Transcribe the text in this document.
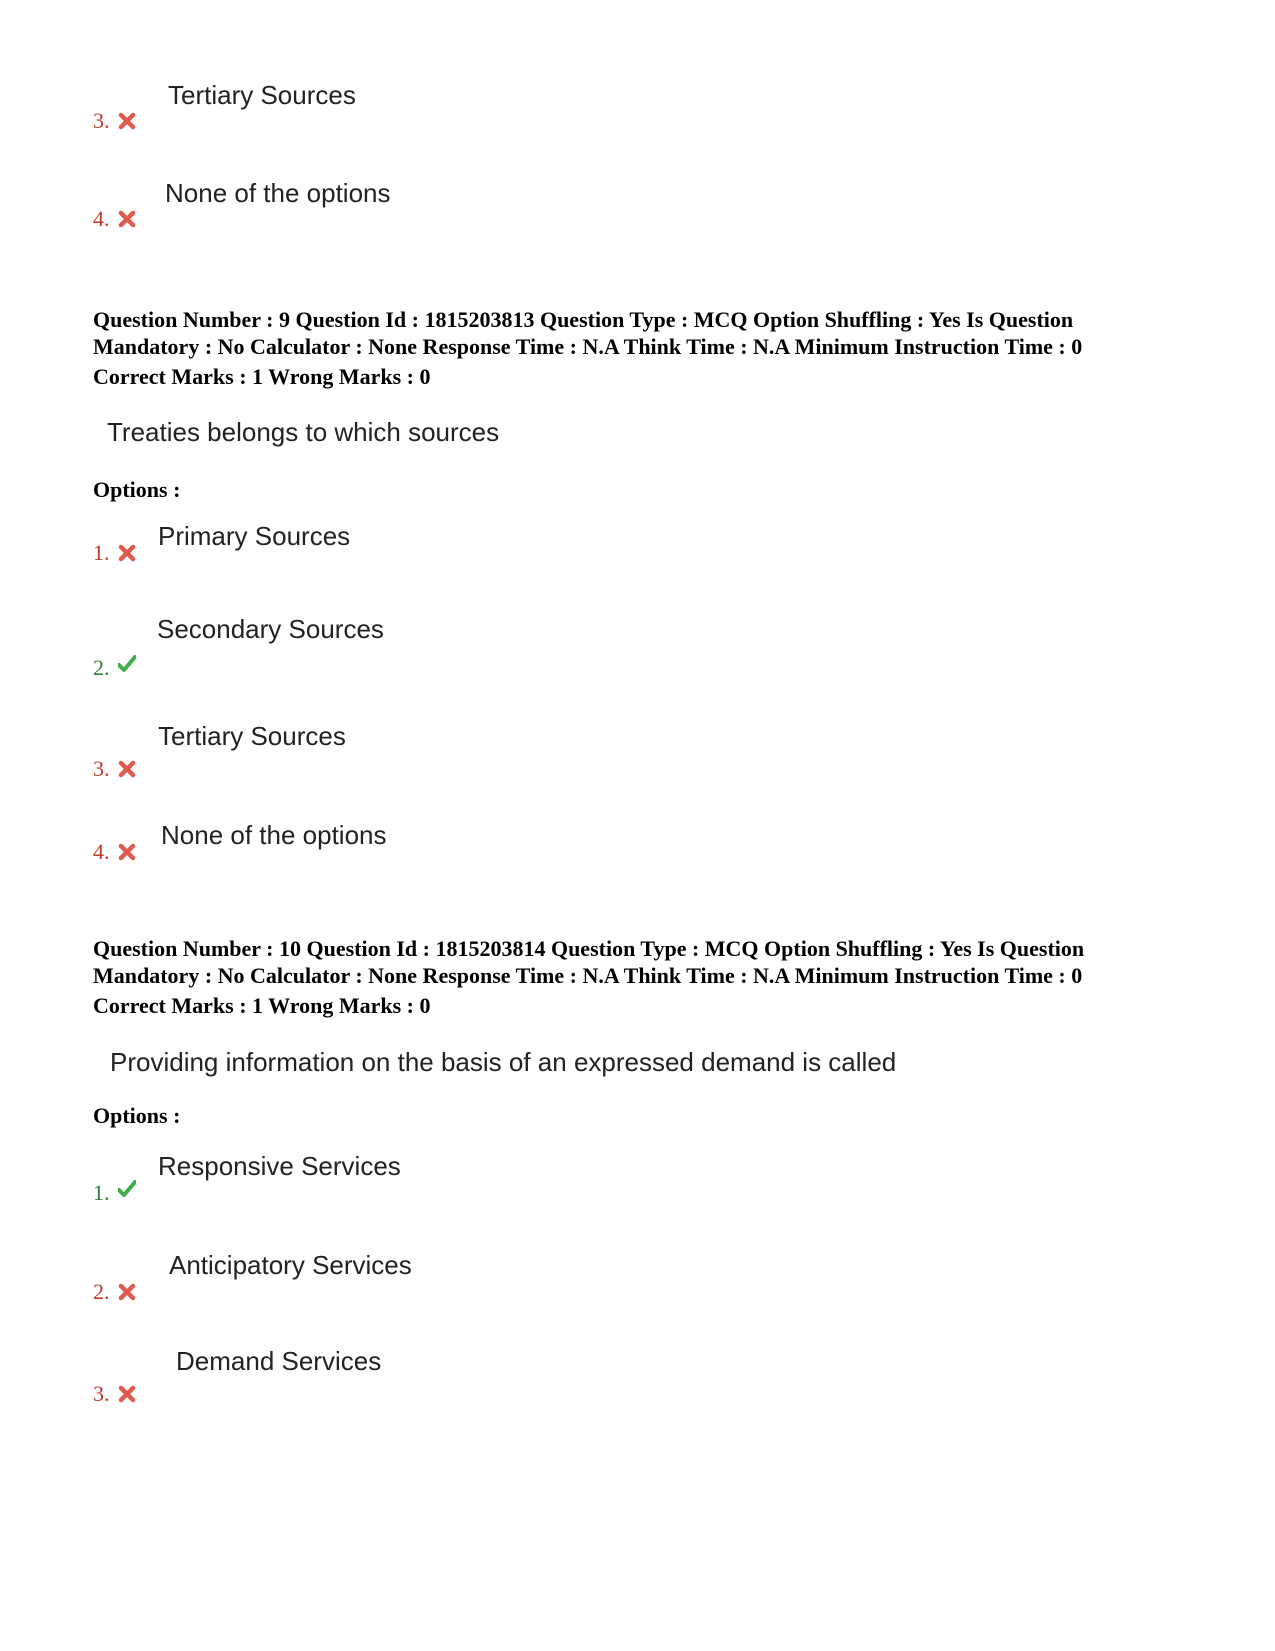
Tertiary Sources
3.
None of the options
4.
Question Number : 9 Question Id : 1815203813 Question Type : MCQ Option Shuffling : Yes Is Question
Mandatory : No Calculator : None Response Time : N.A Think Time : N.A Minimum Instruction Time : 0
Correct Marks : 1 Wrong Marks : 0
Treaties belongs to which sources
Options :
Primary Sources
1.
Secondary Sources
2.
Tertiary Sources
3.
None of the options
4.
Question Number : 10 Question Id : 1815203814 Question Type : MCQ Option Shuffling : Yes Is Question
Mandatory : No Calculator : None Response Time : N.A Think Time : N.A Minimum Instruction Time : 0
Correct Marks : 1 Wrong Marks : 0
Providing information on the basis of an expressed demand is called
Options :
Responsive Services
1.
Anticipatory Services
2.
Demand Services
3.
